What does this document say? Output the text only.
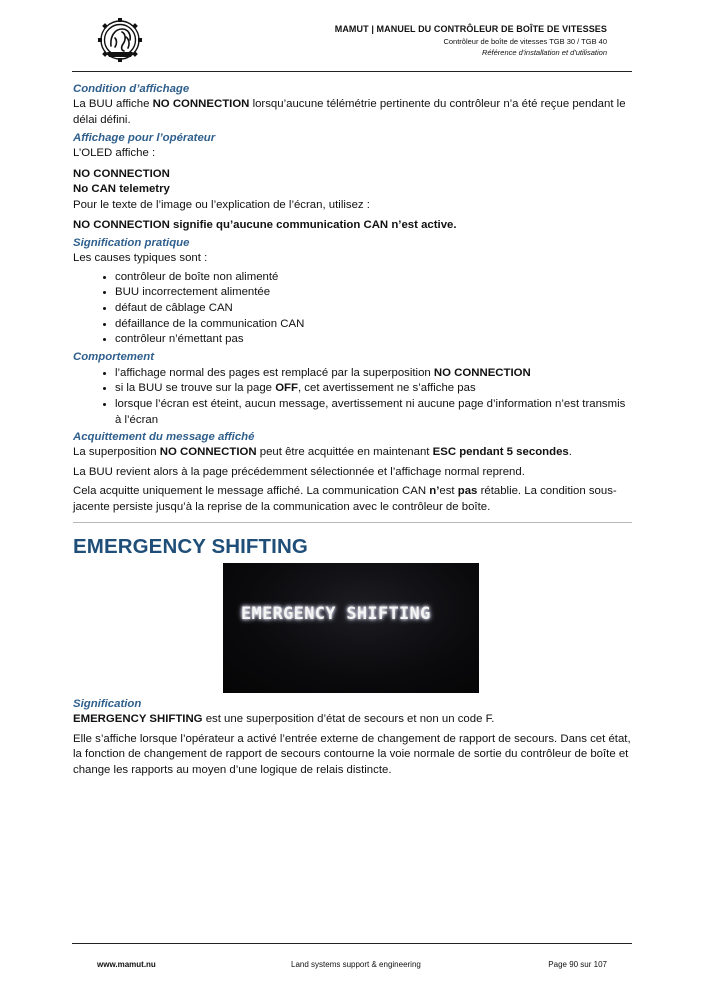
MAMUT | MANUEL DU CONTRÔLEUR DE BOÎTE DE VITESSES
Contrôleur de boîte de vitesses TGB 30 / TGB 40
Référence d'installation et d'utilisation
Condition d’affichage

La BUU affiche NO CONNECTION lorsqu’aucune télémétrie pertinente du contrôleur n’a été reçue pendant le délai défini.

Affichage pour l’opérateur

L’OLED affiche :

NO CONNECTION
No CAN telemetry

Pour le texte de l’image ou l’explication de l’écran, utilisez :

NO CONNECTION signifie qu’aucune communication CAN n’est active.

Signification pratique

Les causes typiques sont :

• contrôleur de boîte non alimenté
• BUU incorrectement alimentée
• défaut de câblage CAN
• défaillance de la communication CAN
• contrôleur n’émettant pas
Comportement
• l’affichage normal des pages est remplacé par la superposition NO CONNECTION
• si la BUU se trouve sur la page OFF, cet avertissement ne s’affiche pas
• lorsque l’écran est éteint, aucun message, avertissement ni aucune page d’information n’est transmis à l’écran
Acquittement du message affiché

La superposition NO CONNECTION peut être acquittée en maintenant ESC pendant 5 secondes.

La BUU revient alors à la page précédemment sélectionnée et l’affichage normal reprend.

Cela acquitte uniquement le message affiché. La communication CAN n’est pas rétablie. La condition sous-jacente persiste jusqu’à la reprise de la communication avec le contrôleur de boîte.

EMERGENCY SHIFTING
EMERGENCY SHIFTING
Signification

EMERGENCY SHIFTING est une superposition d’état de secours et non un code F.

Elle s’affiche lorsque l’opérateur a activé l’entrée externe de changement de rapport de secours. Dans cet état, la fonction de changement de rapport de secours contourne la voie normale de sortie du contrôleur de boîte et change les rapports au moyen d’une logique de relais distincte.

www.mamut.nu	Land systems support & engineering	Page 90 sur 107
